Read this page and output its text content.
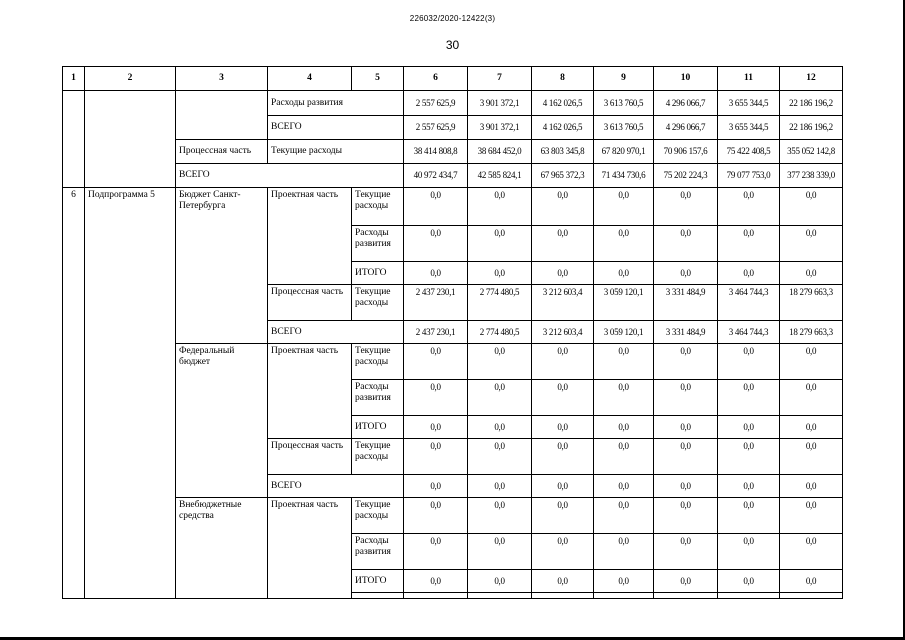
226032/2020-12422(3)
30
1	2	3	4	5	6	7	8	9	10	11	12
			Расходы развития		2 557 625,9	3 901 372,1	4 162 026,5	3 613 760,5	4 296 066,7	3 655 344,5	22 186 196,2
			ВСЕГО		2 557 625,9	3 901 372,1	4 162 026,5	3 613 760,5	4 296 066,7	3 655 344,5	22 186 196,2
		Процессная часть	Текущие расходы		38 414 808,8	38 684 452,0	63 803 345,8	67 820 970,1	70 906 157,6	75 422 408,5	355 052 142,8
		ВСЕГО			40 972 434,7	42 585 824,1	67 965 372,3	71 434 730,6	75 202 224,3	79 077 753,0	377 238 339,0
6	Подпрограмма 5	Бюджет Санкт-Петербурга	Проектная часть	Текущие расходы	0,0	0,0	0,0	0,0	0,0	0,0	0,0
				Расходы развития	0,0	0,0	0,0	0,0	0,0	0,0	0,0
				ИТОГО	0,0	0,0	0,0	0,0	0,0	0,0	0,0
			Процессная часть	Текущие расходы	2 437 230,1	2 774 480,5	3 212 603,4	3 059 120,1	3 331 484,9	3 464 744,3	18 279 663,3
			ВСЕГО		2 437 230,1	2 774 480,5	3 212 603,4	3 059 120,1	3 331 484,9	3 464 744,3	18 279 663,3
		Федеральный бюджет	Проектная часть	Текущие расходы	0,0	0,0	0,0	0,0	0,0	0,0	0,0
				Расходы развития	0,0	0,0	0,0	0,0	0,0	0,0	0,0
				ИТОГО	0,0	0,0	0,0	0,0	0,0	0,0	0,0
			Процессная часть	Текущие расходы	0,0	0,0	0,0	0,0	0,0	0,0	0,0
			ВСЕГО		0,0	0,0	0,0	0,0	0,0	0,0	0,0
		Внебюджетные средства	Проектная часть	Текущие расходы	0,0	0,0	0,0	0,0	0,0	0,0	0,0
				Расходы развития	0,0	0,0	0,0	0,0	0,0	0,0	0,0
				ИТОГО	0,0	0,0	0,0	0,0	0,0	0,0	0,0
